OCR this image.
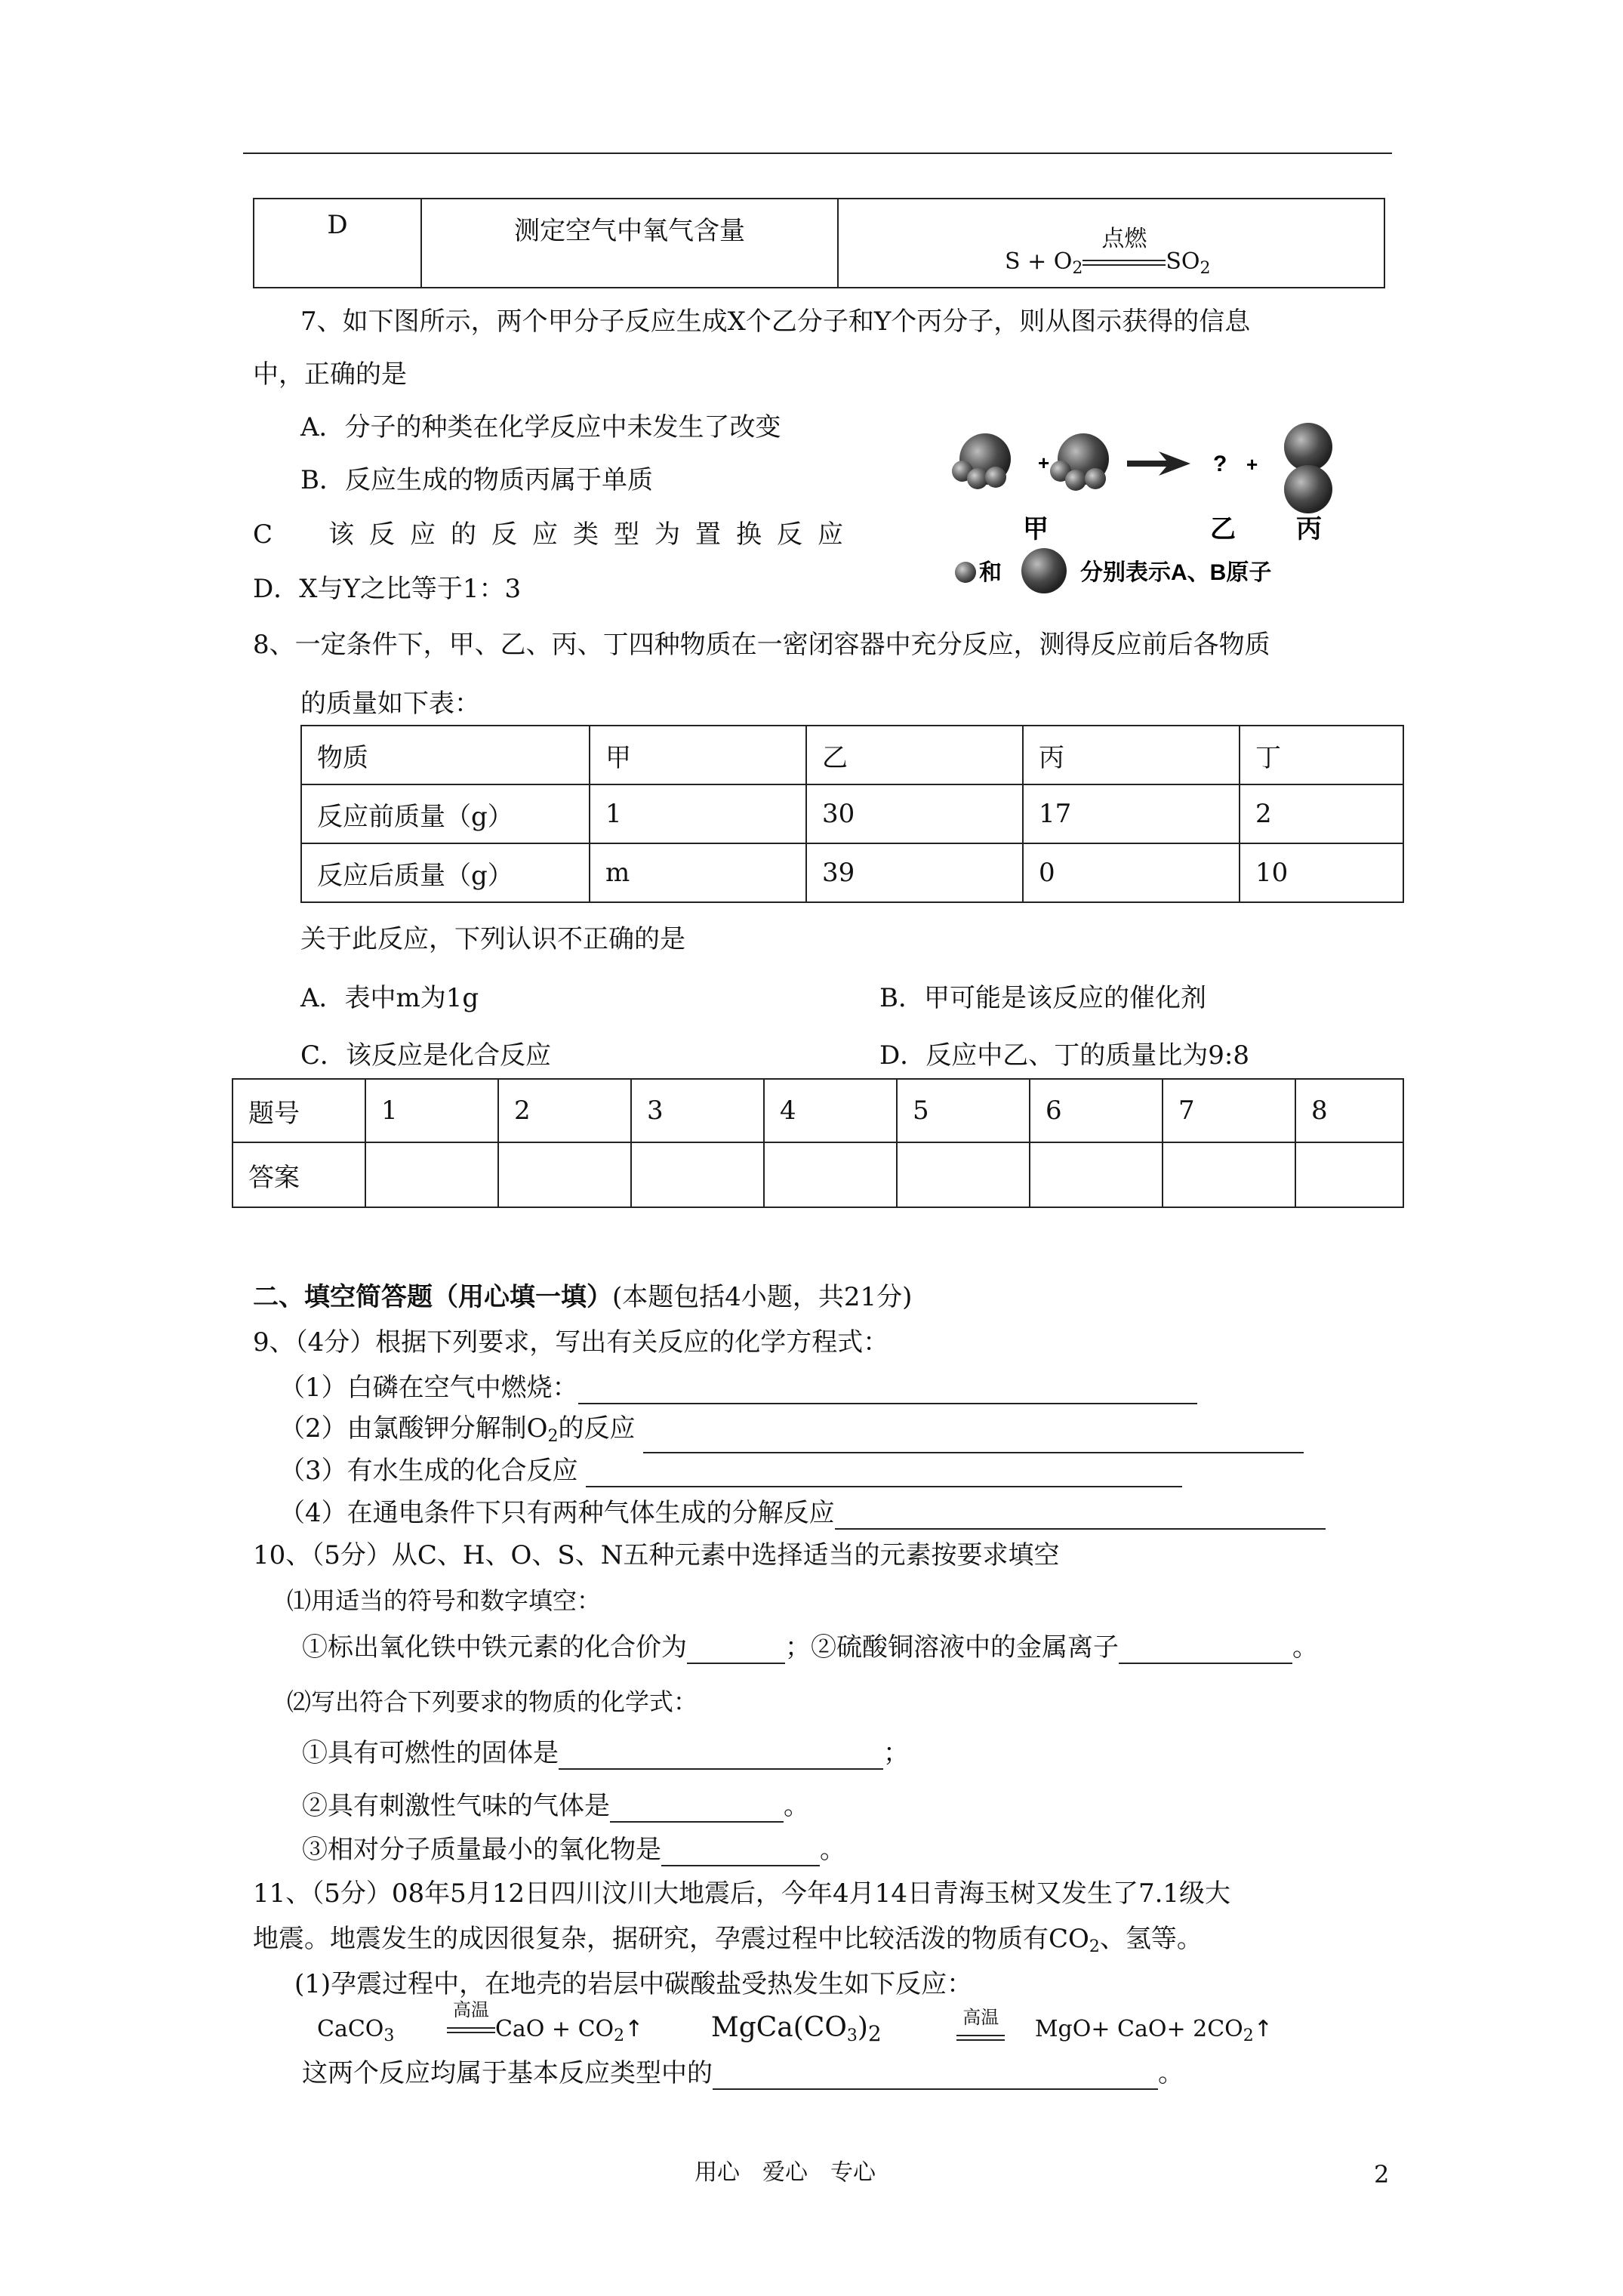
D	测定空气中氧气含量	$S + O_2$
点燃
$SO_2$
7、如下图所示，两个甲分子反应生成X个乙分子和Y个丙分子，则从图示获得的信息
中，正确的是
A．分子的种类在化学反应中未发生了改变
B．反应生成的物质丙属于单质
C　该反应的反应类型为置换反应
D．X与Y之比等于1：3
+	? +
甲	乙 丙
和	分别表示A、B原子
8、一定条件下，甲、乙、丙、丁四种物质在一密闭容器中充分反应，测得反应前后各物质
的质量如下表：
物质	甲	乙	丙	丁
反应前质量（g）	1	30	17	2
反应后质量（g）	m	39	0	10
关于此反应，下列认识不正确的是
A．表中m为1g	B．甲可能是该反应的催化剂
C．该反应是化合反应	D．反应中乙、丁的质量比为9:8
题号	1	2	3	4	5	6	7	8
答案								
二、填空简答题（用心填一填）(本题包括4小题，共21分)
9、（4分）根据下列要求，写出有关反应的化学方程式：
（1）白磷在空气中燃烧：
（2）由氯酸钾分解制$O_2$的反应
（3）有水生成的化合反应
（4）在通电条件下只有两种气体生成的分解反应
10、（5分）从C、H、O、S、N五种元素中选择适当的元素按要求填空
⑴用适当的符号和数字填空：
①标出氧化铁中铁元素的化合价为	；②硫酸铜溶液中的金属离子	。
⑵写出符合下列要求的物质的化学式：
①具有可燃性的固体是	；
②具有刺激性气味的气体是	。
③相对分子质量最小的氧化物是	。
11、（5分）08年5月12日四川汶川大地震后，今年4月14日青海玉树又发生了7.1级大
地震。地震发生的成因很复杂，据研究，孕震过程中比较活泼的物质有$CO_2$、氢等。
(1)孕震过程中，在地壳的岩层中碳酸盐受热发生如下反应：
CaCO$_3$
高温
CaO + $CO_2↑$ $MgCa(CO_3)_2$
高温 $MgO+ CaO+ 2CO_2↑$
这两个反应均属于基本反应类型中的	。
用心　爱心　专心	2
